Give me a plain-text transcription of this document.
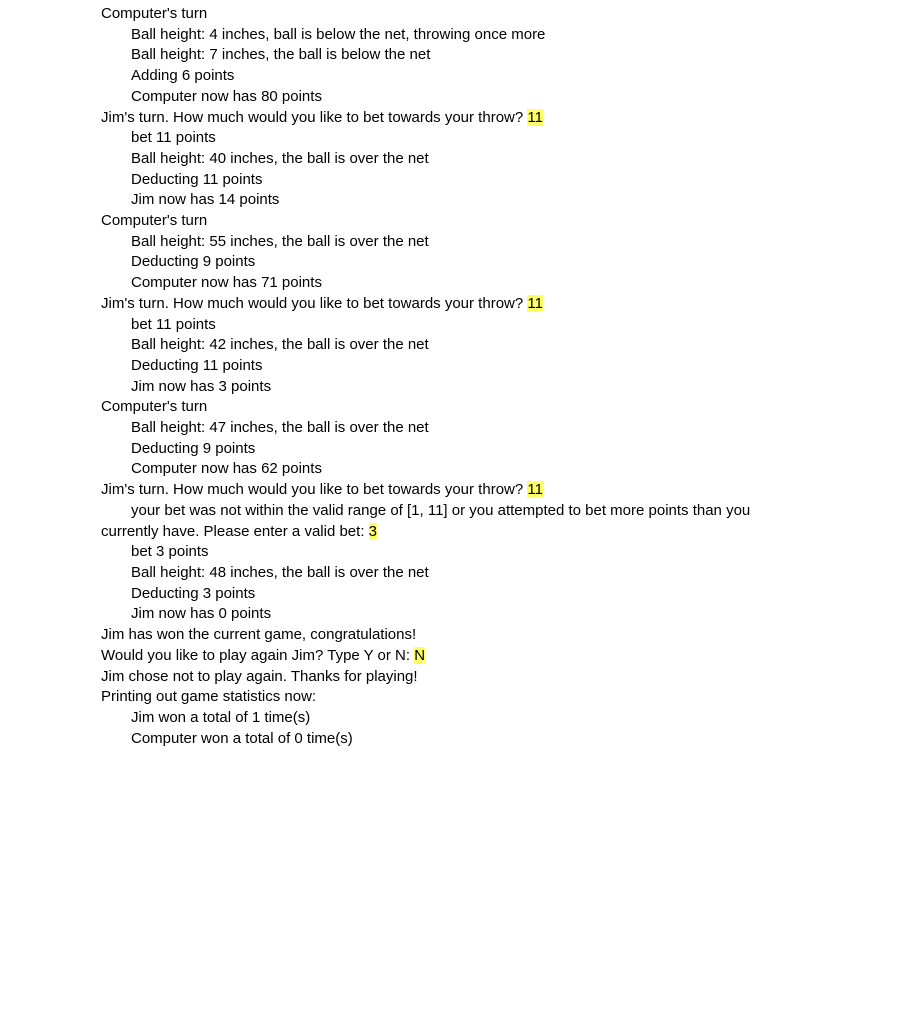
Computer's turn
Ball height: 4 inches, ball is below the net, throwing once more
Ball height: 7 inches, the ball is below the net
Adding 6 points
Computer now has 80 points
Jim's turn. How much would you like to bet towards your throw? 11
bet 11 points
Ball height: 40 inches, the ball is over the net
Deducting 11 points
Jim now has 14 points
Computer's turn
Ball height: 55 inches, the ball is over the net
Deducting 9 points
Computer now has 71 points
Jim's turn. How much would you like to bet towards your throw? 11
bet 11 points
Ball height: 42 inches, the ball is over the net
Deducting 11 points
Jim now has 3 points
Computer's turn
Ball height: 47 inches, the ball is over the net
Deducting 9 points
Computer now has 62 points
Jim's turn. How much would you like to bet towards your throw? 11
your bet was not within the valid range of [1, 11] or you attempted to bet more points than you
currently have. Please enter a valid bet: 3
bet 3 points
Ball height: 48 inches, the ball is over the net
Deducting 3 points
Jim now has 0 points
Jim has won the current game, congratulations!
Would you like to play again Jim? Type Y or N: N
Jim chose not to play again. Thanks for playing!
Printing out game statistics now:
Jim won a total of 1 time(s)
Computer won a total of 0 time(s)
